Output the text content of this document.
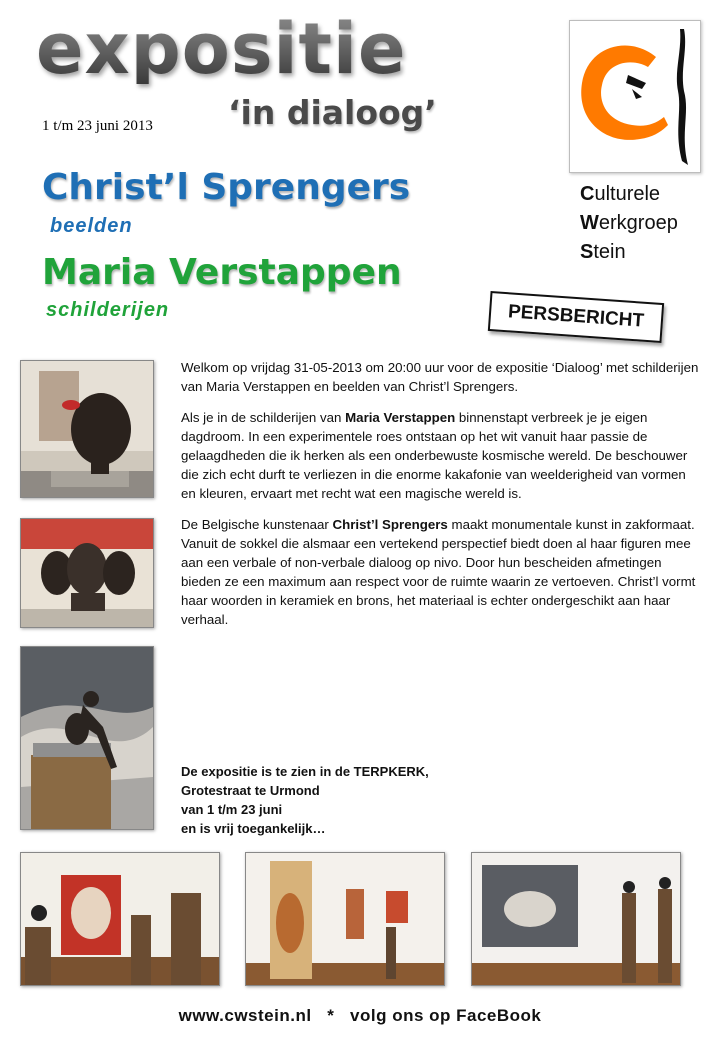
expositie
‘in dialoog’
1 t/m 23 juni 2013
Christ’l Sprengers
beelden
Maria Verstappen
schilderijen
Culturele
Werkgroep
Stein
PERSBERICHT

Welkom op vrijdag 31-05-2013 om 20:00 uur voor de expositie ‘Dialoog’ met schilderijen van Maria Verstappen en beelden van Christ’l Sprengers.

Als je in de schilderijen van Maria Verstappen binnenstapt verbreek je je eigen dagdroom. In een experimentele roes ontstaan op het wit vanuit haar passie de gelaagdheden die ik herken als een onderbewuste kosmische wereld. De beschouwer die zich echt durft te verliezen in die enorme kakafonie van weelderigheid van vormen en kleuren, ervaart met recht wat een magische wereld is.

De Belgische kunstenaar Christ’l Sprengers maakt monumentale kunst in zakformaat. Vanuit de sokkel die alsmaar een vertekend perspectief biedt doen al haar figuren mee aan een verbale of non-verbale dialoog op nivo. Door hun bescheiden afmetingen bieden ze een maximum aan respect voor de ruimte waarin ze vertoeven. Christ’l vormt haar woorden in keramiek en brons, het materiaal is echter ondergeschikt aan haar verhaal.

De expositie is te zien in de TERPKERK,
Grotestraat te Urmond
van 1 t/m 23 juni
en is vrij toegankelijk…
www.cwstein.nl * volg ons op FaceBook
